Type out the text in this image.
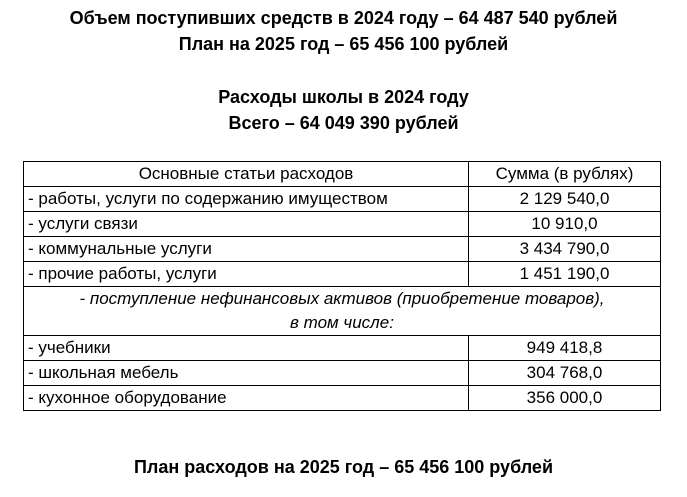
Объем поступивших средств в 2024 году – 64 487 540 рублей
План на 2025 год – 65 456 100 рублей
Расходы школы в 2024 году
Всего – 64 049 390 рублей
Основные статьи расходов	Сумма (в рублях)
- работы, услуги по содержанию имуществом	2 129 540,0
- услуги связи	10 910,0
- коммунальные услуги	3 434 790,0
- прочие работы, услуги	1 451 190,0
- поступление нефинансовых активов (приобретение товаров),
в том числе:	
- учебники	949 418,8
- школьная мебель	304 768,0
- кухонное оборудование	356 000,0
План расходов на 2025 год – 65 456 100 рублей
